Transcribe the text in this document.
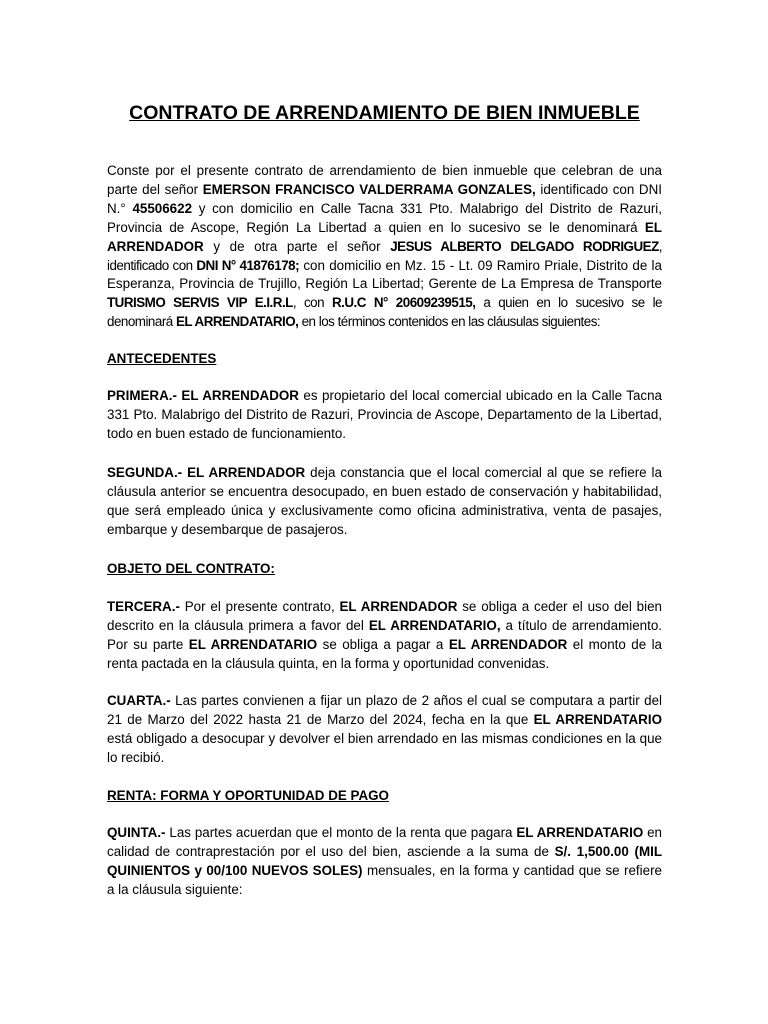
CONTRATO DE ARRENDAMIENTO DE BIEN INMUEBLE

Conste por el presente contrato de arrendamiento de bien inmueble que celebran de una parte del señor EMERSON FRANCISCO VALDERRAMA GONZALES, identificado con DNI N.° 45506622 y con domicilio en Calle Tacna 331 Pto. Malabrigo del Distrito de Razuri, Provincia de Ascope, Región La Libertad a quien en lo sucesivo se le denominará EL ARRENDADOR y de otra parte el señor JESUS ALBERTO DELGADO RODRIGUEZ, identificado con DNI N° 41876178; con domicilio en Mz. 15 - Lt. 09 Ramiro Priale, Distrito de la Esperanza, Provincia de Trujillo, Región La Libertad; Gerente de La Empresa de Transporte TURISMO SERVIS VIP E.I.R.L, con R.U.C N° 20609239515, a quien en lo sucesivo se le denominará EL ARRENDATARIO, en los términos contenidos en las cláusulas siguientes:

ANTECEDENTES

PRIMERA.- EL ARRENDADOR es propietario del local comercial ubicado en la Calle Tacna 331 Pto. Malabrigo del Distrito de Razuri, Provincia de Ascope, Departamento de la Libertad, todo en buen estado de funcionamiento.

SEGUNDA.- EL ARRENDADOR deja constancia que el local comercial al que se refiere la cláusula anterior se encuentra desocupado, en buen estado de conservación y habitabilidad, que será empleado única y exclusivamente como oficina administrativa, venta de pasajes, embarque y desembarque de pasajeros.

OBJETO DEL CONTRATO:

TERCERA.- Por el presente contrato, EL ARRENDADOR se obliga a ceder el uso del bien descrito en la cláusula primera a favor del EL ARRENDATARIO, a título de arrendamiento. Por su parte EL ARRENDATARIO se obliga a pagar a EL ARRENDADOR el monto de la renta pactada en la cláusula quinta, en la forma y oportunidad convenidas.

CUARTA.- Las partes convienen a fijar un plazo de 2 años el cual se computara a partir del 21 de Marzo del 2022 hasta 21 de Marzo del 2024, fecha en la que EL ARRENDATARIO está obligado a desocupar y devolver el bien arrendado en las mismas condiciones en la que lo recibió.

RENTA: FORMA Y OPORTUNIDAD DE PAGO

QUINTA.- Las partes acuerdan que el monto de la renta que pagara EL ARRENDATARIO en calidad de contraprestación por el uso del bien, asciende a la suma de S/. 1,500.00 (MIL QUINIENTOS y 00/100 NUEVOS SOLES) mensuales, en la forma y cantidad que se refiere a la cláusula siguiente:
